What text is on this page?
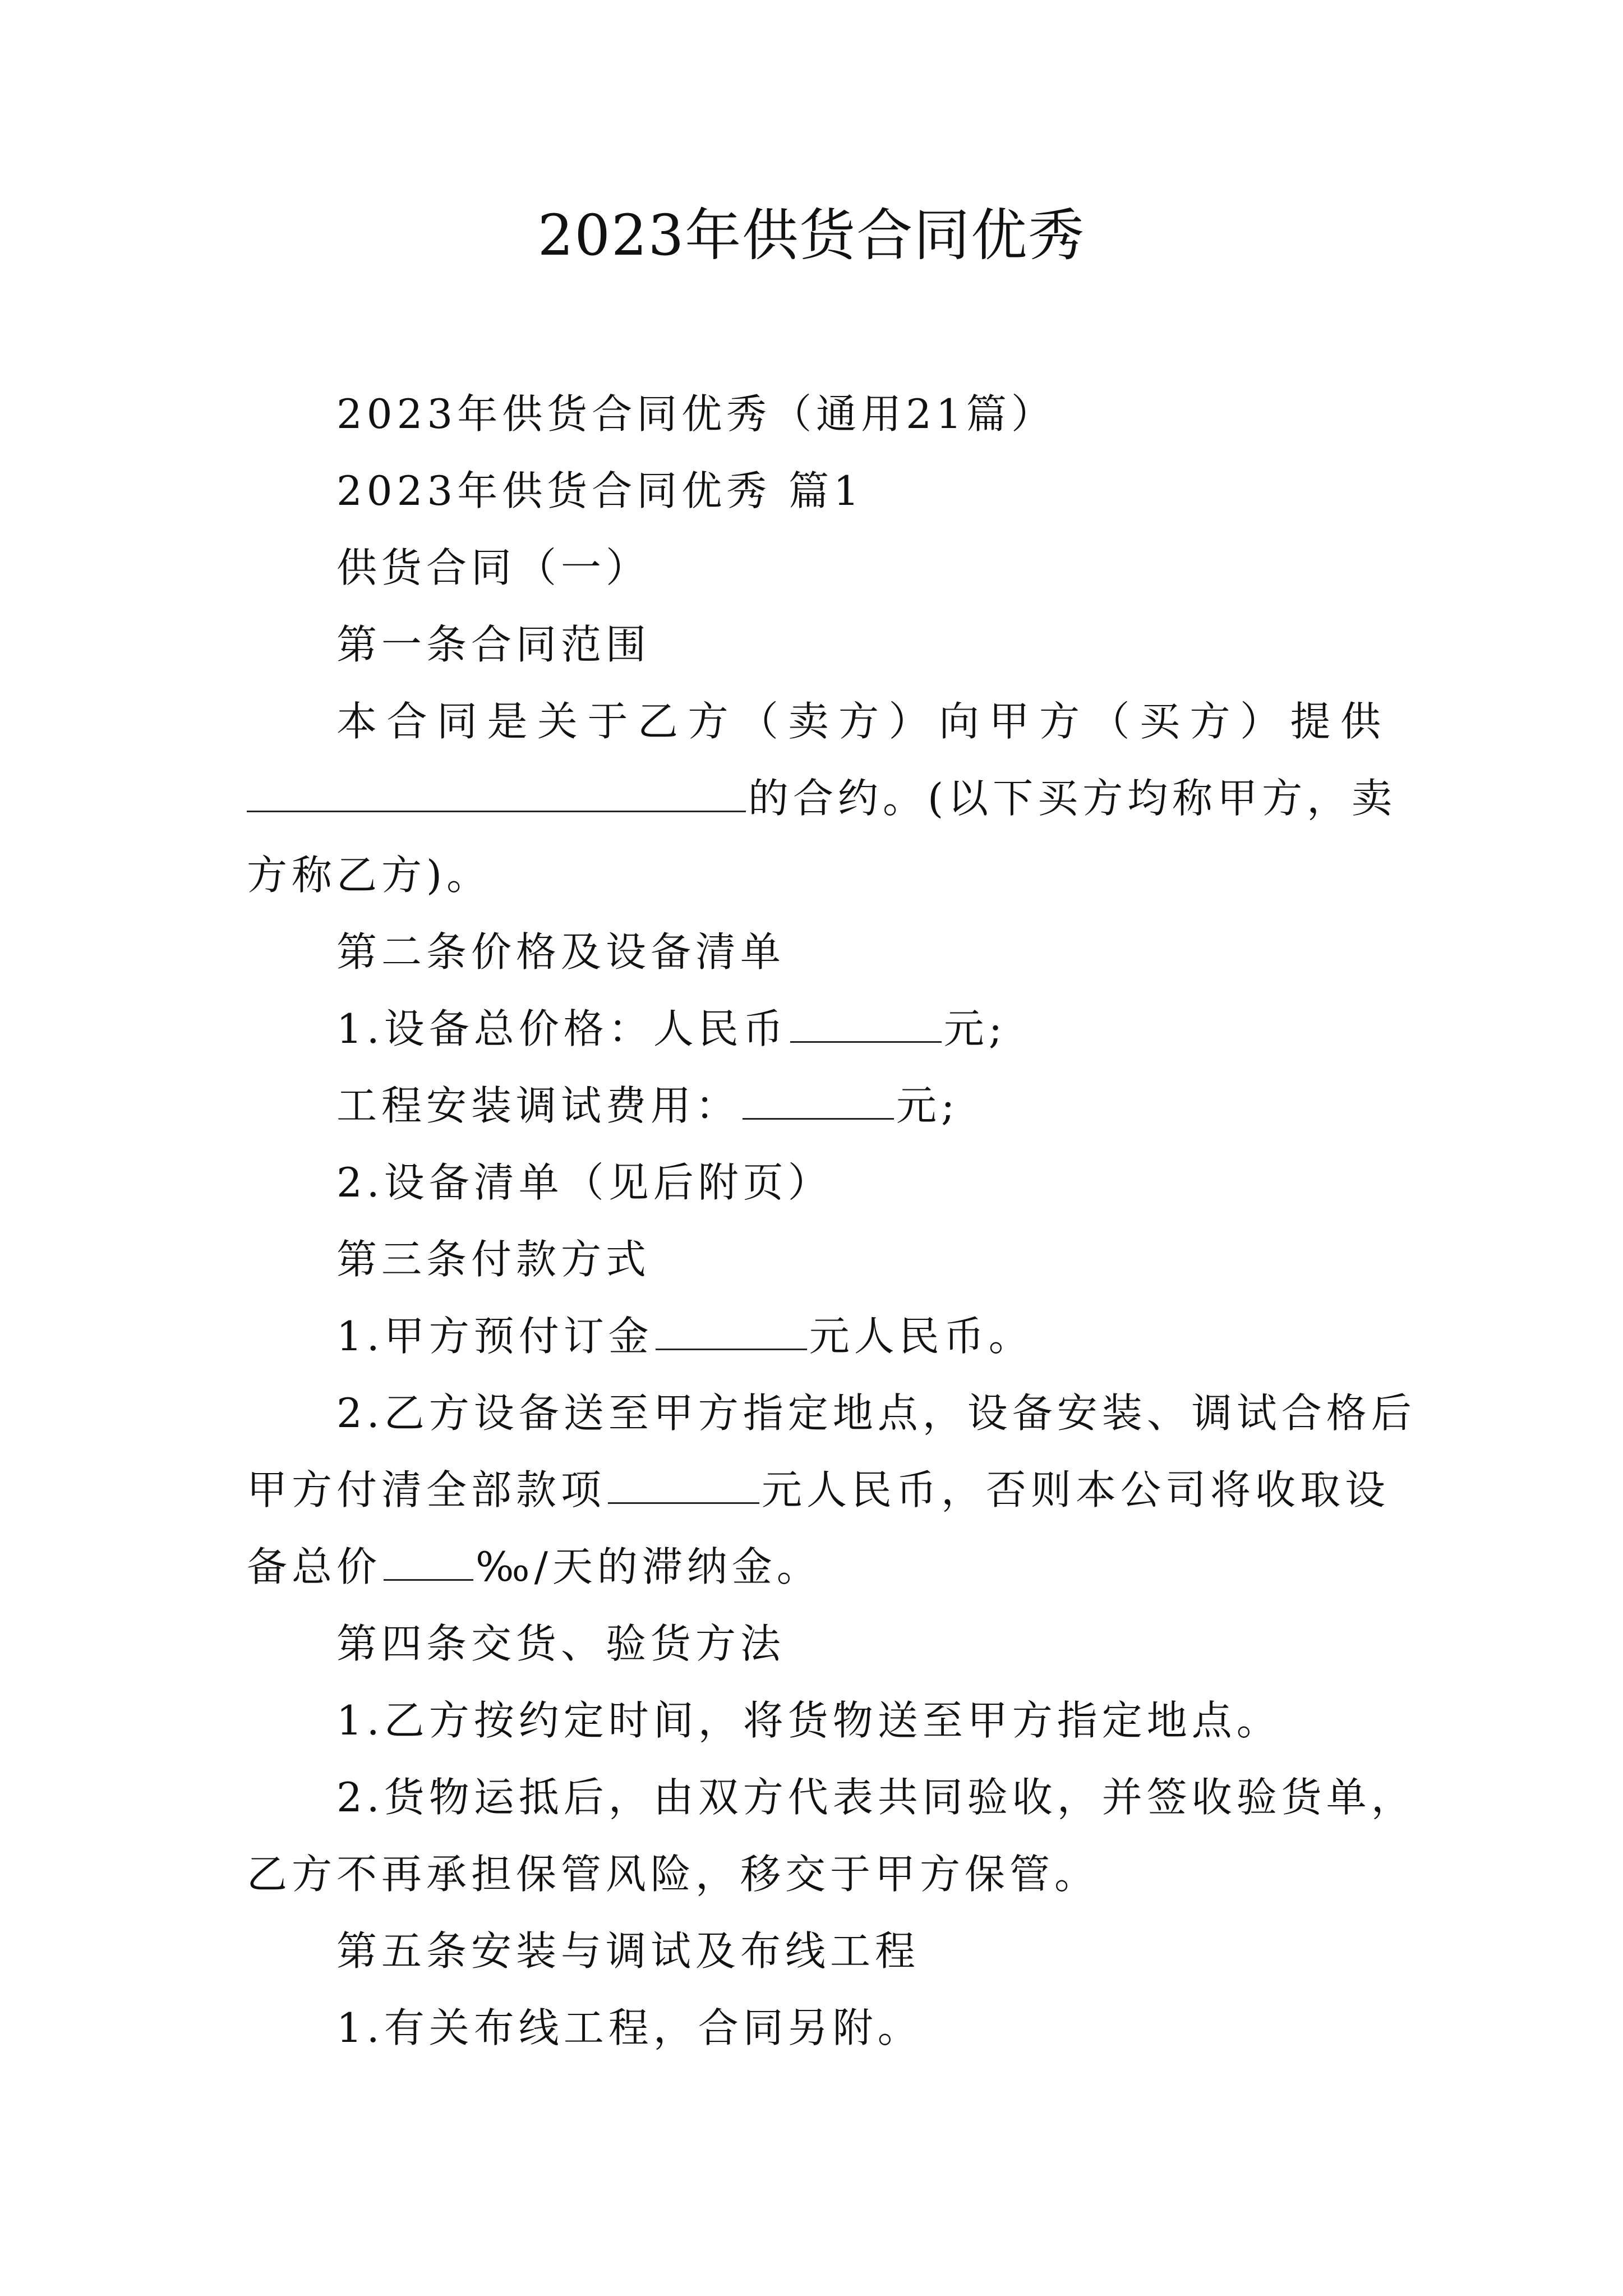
2023年供货合同优秀

2023年供货合同优秀（通用21篇）

2023年供货合同优秀 篇1

供货合同（一）

第一条合同范围

本合同是关于乙方（卖方）向甲方（买方）提供

的合约。(以下买方均称甲方，卖

方称乙方)。

第二条价格及设备清单

1.设备总价格：人民币	元;

工程安装调试费用：	元;

2.设备清单（见后附页）

第三条付款方式

1.甲方预付订金	元人民币。

2.乙方设备送至甲方指定地点，设备安装、调试合格后

甲方付清全部款项	元人民币，否则本公司将收取设

备总价 ‰/天的滞纳金。

第四条交货、验货方法

1.乙方按约定时间，将货物送至甲方指定地点。

2.货物运抵后，由双方代表共同验收，并签收验货单，

乙方不再承担保管风险，移交于甲方保管。

第五条安装与调试及布线工程

1.有关布线工程，合同另附。
